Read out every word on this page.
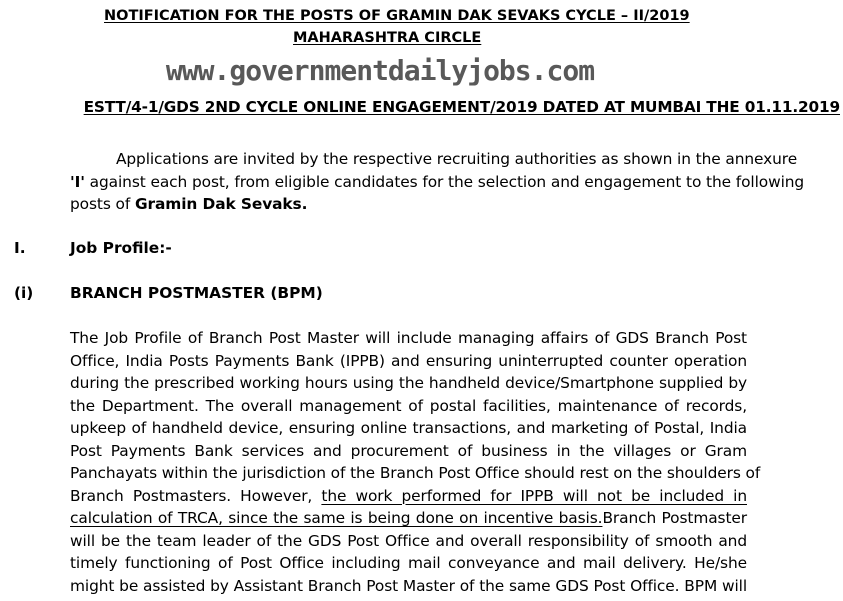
NOTIFICATION FOR THE POSTS OF GRAMIN DAK SEVAKS CYCLE – II/2019
MAHARASHTRA CIRCLE
www.governmentdailyjobs.com
ESTT/4-1/GDS 2ND CYCLE ONLINE ENGAGEMENT/2019 DATED AT MUMBAI THE 01.11.2019
Applications are invited by the respective recruiting authorities as shown in the annexure
'I' against each post, from eligible candidates for the selection and engagement to the following
posts of Gramin Dak Sevaks.
I.	Job Profile:-
(i) BRANCH POSTMASTER (BPM)
The Job Profile of Branch Post Master will include managing affairs of GDS Branch Post
Office, India Posts Payments Bank (IPPB) and ensuring uninterrupted counter operation
during the prescribed working hours using the handheld device/Smartphone supplied by
the Department. The overall management of postal facilities, maintenance of records,
upkeep of handheld device, ensuring online transactions, and marketing of Postal, India
Post Payments Bank services and procurement of business in the villages or Gram
Panchayats within the jurisdiction of the Branch Post Office should rest on the shoulders of
Branch Postmasters. However, the work performed for IPPB will not be included in
calculation of TRCA, since the same is being done on incentive basis.Branch Postmaster
will be the team leader of the GDS Post Office and overall responsibility of smooth and
timely functioning of Post Office including mail conveyance and mail delivery. He/she
might be assisted by Assistant Branch Post Master of the same GDS Post Office. BPM will
